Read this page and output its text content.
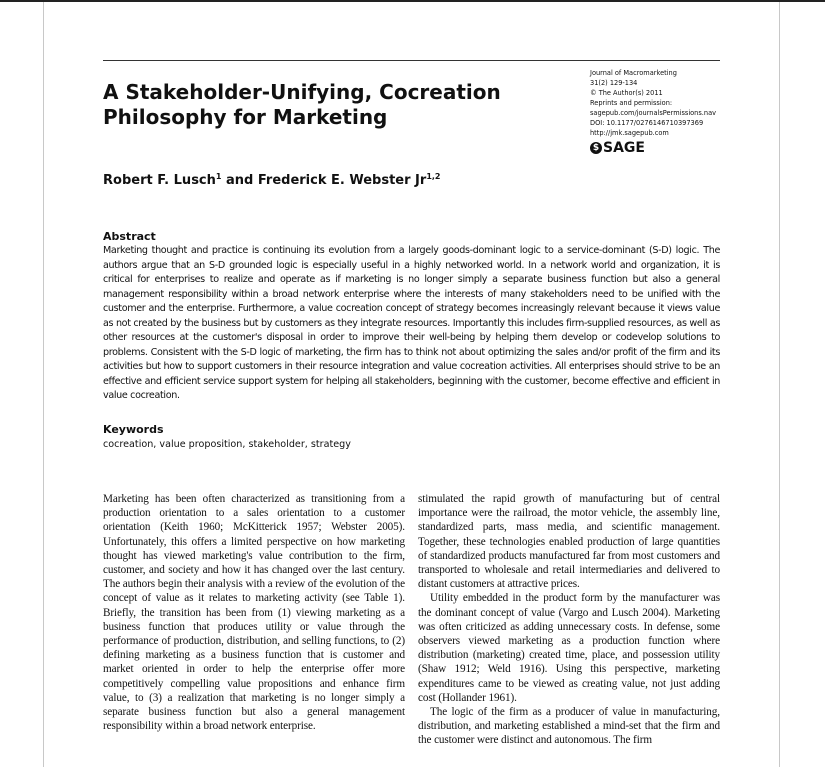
A Stakeholder-Unifying, Cocreation
Philosophy for Marketing
Journal of Macromarketing
31(2) 129-134
© The Author(s) 2011
Reprints and permission:
sagepub.com/journalsPermissions.nav
DOI: 10.1177/0276146710397369
http://jmk.sagepub.com
$ SAGE
Robert F. Lusch$^1$ and Frederick E. Webster Jr$^{1,2}$
Abstract
Marketing thought and practice is continuing its evolution from a largely goods-dominant logic to a service-dominant (S-D) logic. The authors argue that an S-D grounded logic is especially useful in a highly networked world. In a network world and organization, it is critical for enterprises to realize and operate as if marketing is no longer simply a separate business function but also a general management responsibility within a broad network enterprise where the interests of many stakeholders need to be unified with the customer and the enterprise. Furthermore, a value cocreation concept of strategy becomes increasingly relevant because it views value as not created by the business but by customers as they integrate resources. Importantly this includes firm-supplied resources, as well as other resources at the customer's disposal in order to improve their well-being by helping them develop or codevelop solutions to problems. Consistent with the S-D logic of marketing, the firm has to think not about optimizing the sales and/or profit of the firm and its activities but how to support customers in their resource integration and value cocreation activities. All enterprises should strive to be an effective and efficient service support system for helping all stakeholders, beginning with the customer, become effective and efficient in value cocreation.
Keywords
cocreation, value proposition, stakeholder, strategy

Marketing has been often characterized as transitioning from a production orientation to a sales orientation to a customer orientation (Keith 1960; McKitterick 1957; Webster 2005). Unfortunately, this offers a limited perspective on how marketing thought has viewed marketing's value contribution to the firm, customer, and society and how it has changed over the last century. The authors begin their analysis with a review of the evolution of the concept of value as it relates to marketing activity (see Table 1). Briefly, the transition has been from (1) viewing marketing as a business function that produces utility or value through the performance of production, distribution, and selling functions, to (2) defining marketing as a business function that is customer and market oriented in order to help the enterprise offer more competitively compelling value propositions and enhance firm value, to (3) a realization that marketing is no longer simply a separate business function but also a general management responsibility within a broad network enterprise.

stimulated the rapid growth of manufacturing but of central importance were the railroad, the motor vehicle, the assembly line, standardized parts, mass media, and scientific management. Together, these technologies enabled production of large quantities of standardized products manufactured far from most customers and transported to wholesale and retail intermediaries and delivered to distant customers at attractive prices.

Utility embedded in the product form by the manufacturer was the dominant concept of value (Vargo and Lusch 2004). Marketing was often criticized as adding unnecessary costs. In defense, some observers viewed marketing as a production function where distribution (marketing) created time, place, and possession utility (Shaw 1912; Weld 1916). Using this perspective, marketing expenditures came to be viewed as creating value, not just adding cost (Hollander 1961).

The logic of the firm as a producer of value in manufacturing, distribution, and marketing established a mind-set that the firm and the customer were distinct and autonomous. The firm
